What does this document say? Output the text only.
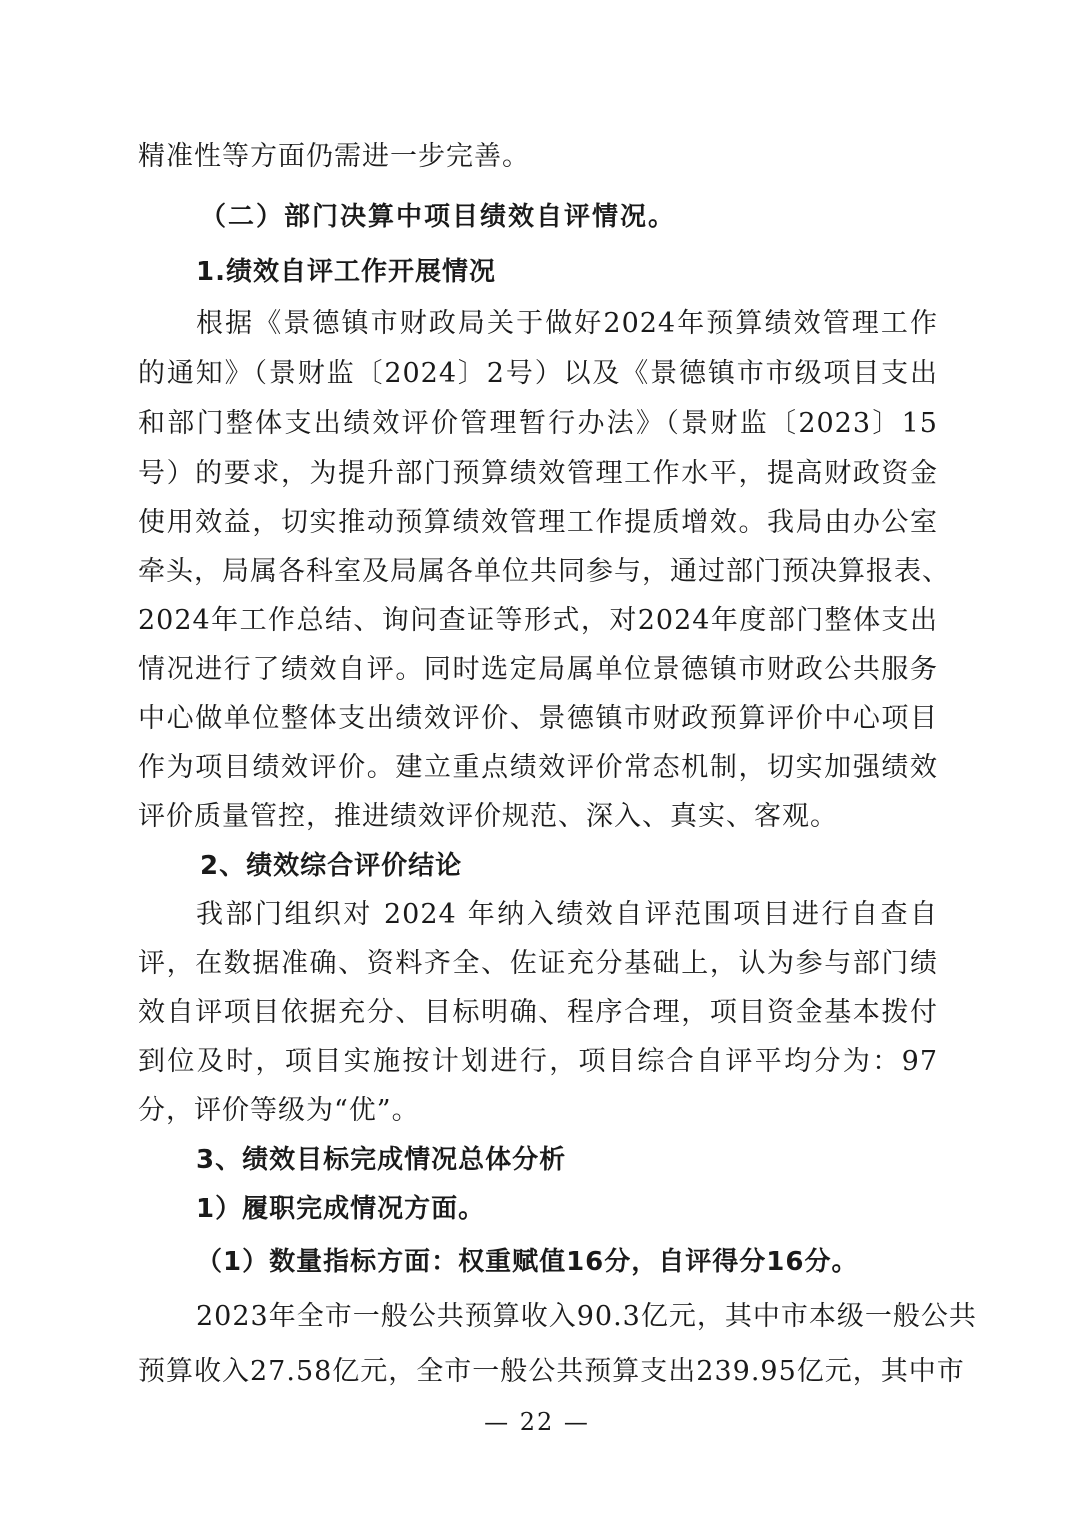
精准性等方面仍需进一步完善。
（二）部门决算中项目绩效自评情况。
1.绩效自评工作开展情况
根据《景德镇市财政局关于做好2024年预算绩效管理工作
的通知》（景财监〔2024〕2号）以及《景德镇市市级项目支出
和部门整体支出绩效评价管理暂行办法》（景财监〔2023〕15
号）的要求，为提升部门预算绩效管理工作水平，提高财政资金
使用效益，切实推动预算绩效管理工作提质增效。我局由办公室
牵头，局属各科室及局属各单位共同参与，通过部门预决算报表、
2024年工作总结、询问查证等形式，对2024年度部门整体支出
情况进行了绩效自评。同时选定局属单位景德镇市财政公共服务
中心做单位整体支出绩效评价、景德镇市财政预算评价中心项目
作为项目绩效评价。建立重点绩效评价常态机制，切实加强绩效
评价质量管控，推进绩效评价规范、深入、真实、客观。
2、绩效综合评价结论
我部门组织对 2024 年纳入绩效自评范围项目进行自查自
评，在数据准确、资料齐全、佐证充分基础上，认为参与部门绩
效自评项目依据充分、目标明确、程序合理，项目资金基本拨付
到位及时，项目实施按计划进行，项目综合自评平均分为：97
分，评价等级为“优”。
3、绩效目标完成情况总体分析
1）履职完成情况方面。
（1）数量指标方面：权重赋值16分，自评得分16分。
2023年全市一般公共预算收入90.3亿元，其中市本级一般公共
预算收入27.58亿元，全市一般公共预算支出239.95亿元，其中市
— 22 —
